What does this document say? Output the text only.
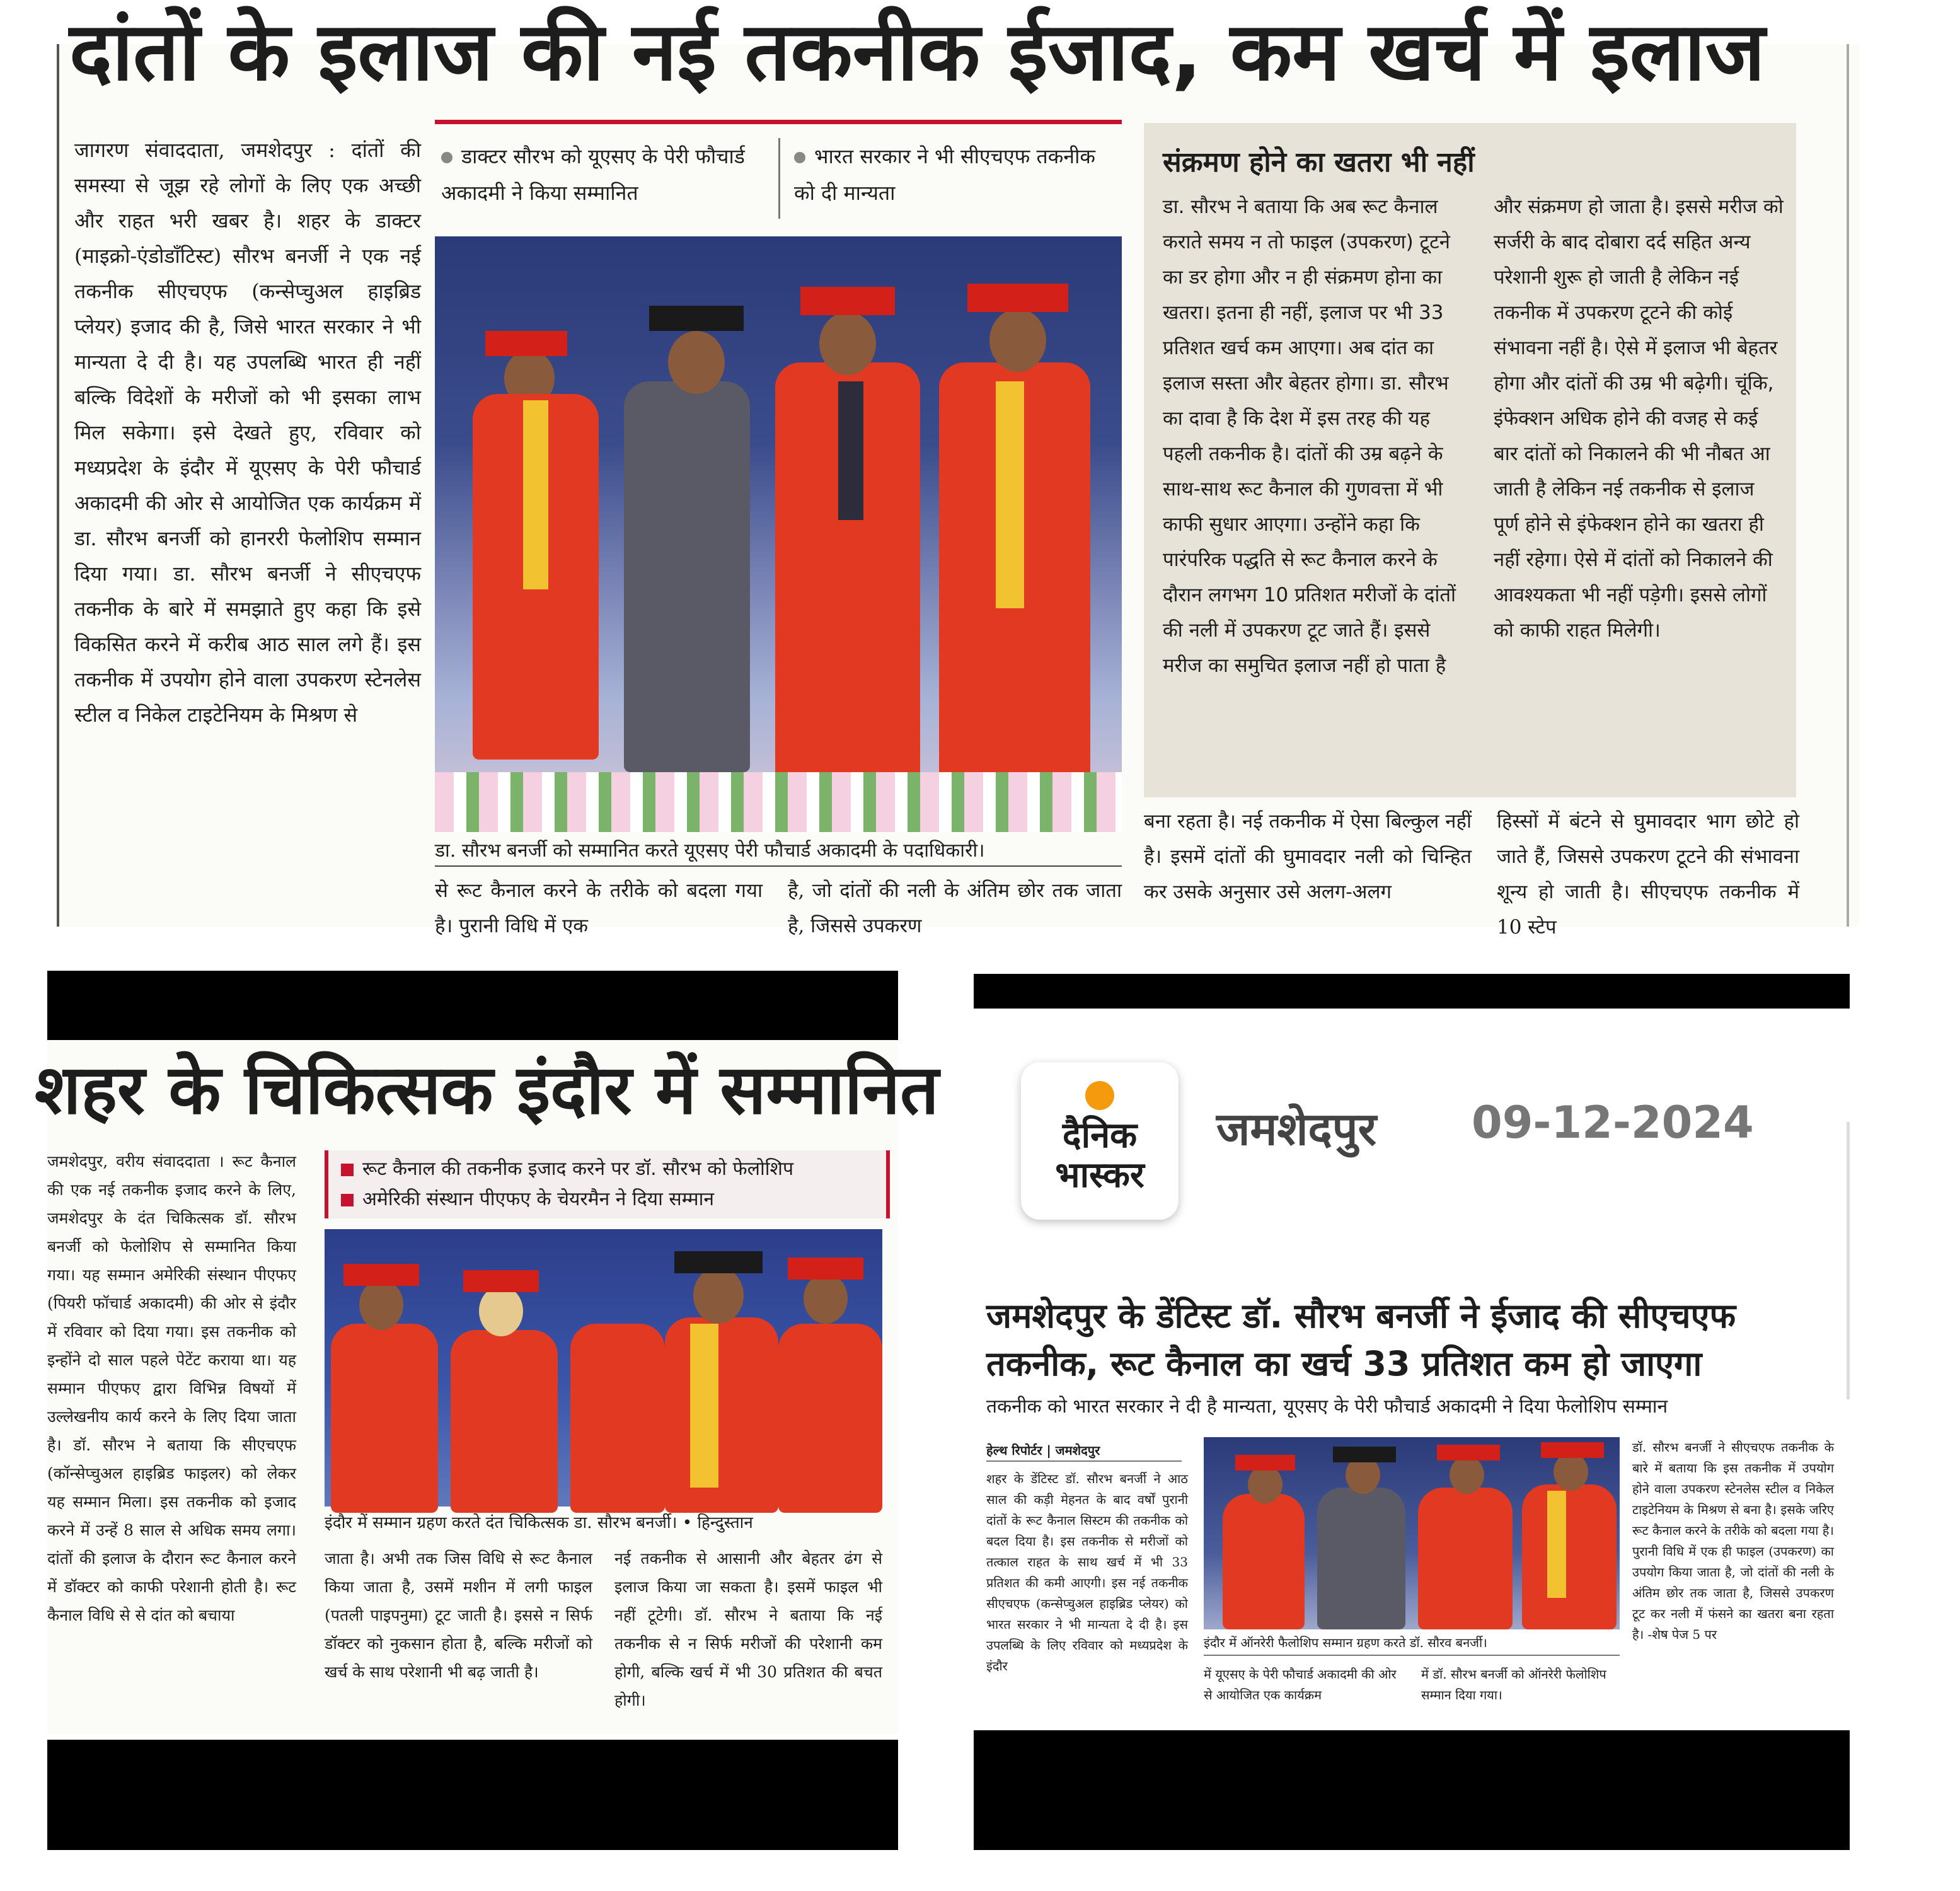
दांतों के इलाज की नई तकनीक ईजाद, कम खर्च में इलाज
जागरण संवाददाता, जमशेदपुर : दांतों की समस्या से जूझ रहे लोगों के लिए एक अच्छी और राहत भरी खबर है। शहर के डाक्टर (माइक्रो-एंडोडॉंटिस्ट) सौरभ बनर्जी ने एक नई तकनीक सीएचएफ (कन्सेप्चुअल हाइब्रिड प्लेयर) इजाद की है, जिसे भारत सरकार ने भी मान्यता दे दी है। यह उपलब्धि भारत ही नहीं बल्कि विदेशों के मरीजों को भी इसका लाभ मिल सकेगा। इसे देखते हुए, रविवार को मध्यप्रदेश के इंदौर में यूएसए के पेरी फौचार्ड अकादमी की ओर से आयोजित एक कार्यक्रम में डा. सौरभ बनर्जी को हानररी फेलोशिप सम्मान दिया गया। डा. सौरभ बनर्जी ने सीएचएफ तकनीक के बारे में समझाते हुए कहा कि इसे विकसित करने में करीब आठ साल लगे हैं। इस तकनीक में उपयोग होने वाला उपकरण स्टेनलेस स्टील व निकेल टाइटेनियम के मिश्रण से
डाक्टर सौरभ को यूएसए के पेरी फौचार्ड अकादमी ने किया सम्मानित
भारत सरकार ने भी सीएचएफ तकनीक को दी मान्यता
डा. सौरभ बनर्जी को सम्मानित करते यूएसए पेरी फौचार्ड अकादमी के पदाधिकारी।
से रूट कैनाल करने के तरीके को बदला गया है। पुरानी विधि में एक
है, जो दांतों की नली के अंतिम छोर तक जाता है, जिससे उपकरण
संक्रमण होने का खतरा भी नहीं
डा. सौरभ ने बताया कि अब रूट कैनाल कराते समय न तो फाइल (उपकरण) टूटने का डर होगा और न ही संक्रमण होना का खतरा। इतना ही नहीं, इलाज पर भी 33 प्रतिशत खर्च कम आएगा। अब दांत का इलाज सस्ता और बेहतर होगा। डा. सौरभ का दावा है कि देश में इस तरह की यह पहली तकनीक है। दांतों की उम्र बढ़ने के साथ-साथ रूट कैनाल की गुणवत्ता में भी काफी सुधार आएगा। उन्होंने कहा कि पारंपरिक पद्धति से रूट कैनाल करने के दौरान लगभग 10 प्रतिशत मरीजों के दांतों की नली में उपकरण टूट जाते हैं। इससे मरीज का समुचित इलाज नहीं हो पाता है
और संक्रमण हो जाता है। इससे मरीज को सर्जरी के बाद दोबारा दर्द सहित अन्य परेशानी शुरू हो जाती है लेकिन नई तकनीक में उपकरण टूटने की कोई संभावना नहीं है। ऐसे में इलाज भी बेहतर होगा और दांतों की उम्र भी बढ़ेगी। चूंकि, इंफेक्शन अधिक होने की वजह से कई बार दांतों को निकालने की भी नौबत आ जाती है लेकिन नई तकनीक से इलाज पूर्ण होने से इंफेक्शन होने का खतरा ही नहीं रहेगा। ऐसे में दांतों को निकालने की आवश्यकता भी नहीं पड़ेगी। इससे लोगों को काफी राहत मिलेगी।
बना रहता है। नई तकनीक में ऐसा बिल्कुल नहीं है। इसमें दांतों की घुमावदार नली को चिन्हित कर उसके अनुसार उसे अलग-अलग
हिस्सों में बंटने से घुमावदार भाग छोटे हो जाते हैं, जिससे उपकरण टूटने की संभावना शून्य हो जाती है। सीएचएफ तकनीक में 10 स्टेप
शहर के चिकित्सक इंदौर में सम्मानित
जमशेदपुर, वरीय संवाददाता । रूट कैनाल की एक नई तकनीक इजाद करने के लिए, जमशेदपुर के दंत चिकित्सक डॉ. सौरभ बनर्जी को फेलोशिप से सम्मानित किया गया। यह सम्मान अमेरिकी संस्थान पीएफए (पियरी फॉचार्ड अकादमी) की ओर से इंदौर में रविवार को दिया गया। इस तकनीक को इन्होंने दो साल पहले पेटेंट कराया था। यह सम्मान पीएफए द्वारा विभिन्न विषयों में उल्लेखनीय कार्य करने के लिए दिया जाता है। डॉ. सौरभ ने बताया कि सीएचएफ (कॉन्सेप्चुअल हाइब्रिड फाइलर) को लेकर यह सम्मान मिला। इस तकनीक को इजाद करने में उन्हें 8 साल से अधिक समय लगा। दांतों की इलाज के दौरान रूट कैनाल करने में डॉक्टर को काफी परेशानी होती है। रूट कैनाल विधि से से दांत को बचाया
रूट कैनाल की तकनीक इजाद करने पर डॉ. सौरभ को फेलोशिप
अमेरिकी संस्थान पीएफए के चेयरमैन ने दिया सम्मान
इंदौर में सम्मान ग्रहण करते दंत चिकित्सक डा. सौरभ बनर्जी। • हिन्दुस्तान
जाता है। अभी तक जिस विधि से रूट कैनाल किया जाता है, उसमें मशीन में लगी फाइल (पतली पाइपनुमा) टूट जाती है। इससे न सिर्फ डॉक्टर को नुकसान होता है, बल्कि मरीजों को खर्च के साथ परेशानी भी बढ़ जाती है।
नई तकनीक से आसानी और बेहतर ढंग से इलाज किया जा सकता है। इसमें फाइल भी नहीं टूटेगी। डॉ. सौरभ ने बताया कि नई तकनीक से न सिर्फ मरीजों की परेशानी कम होगी, बल्कि खर्च में भी 30 प्रतिशत की बचत होगी।
दैनिक
भास्कर
जमशेदपुर 09-12-2024
जमशेदपुर के डेंटिस्ट डॉ. सौरभ बनर्जी ने ईजाद की सीएचएफ तकनीक, रूट कैनाल का खर्च 33 प्रतिशत कम हो जाएगा
तकनीक को भारत सरकार ने दी है मान्यता, यूएसए के पेरी फौचार्ड अकादमी ने दिया फेलोशिप सम्मान
हेल्थ रिपोर्टर | जमशेदपुर
शहर के डेंटिस्ट डॉ. सौरभ बनर्जी ने आठ साल की कड़ी मेहनत के बाद वर्षों पुरानी दांतों के रूट कैनाल सिस्टम की तकनीक को बदल दिया है। इस तकनीक से मरीजों को तत्काल राहत के साथ खर्च में भी 33 प्रतिशत की कमी आएगी। इस नई तकनीक सीएचएफ (कन्सेप्चुअल हाइब्रिड प्लेयर) को भारत सरकार ने भी मान्यता दे दी है। इस उपलब्धि के लिए रविवार को मध्यप्रदेश के इंदौर
इंदौर में ऑनरेरी फैलोशिप सम्मान ग्रहण करते डॉ. सौरव बनर्जी।
में यूएसए के पेरी फौचार्ड अकादमी की ओर से आयोजित एक कार्यक्रम
में डॉ. सौरभ बनर्जी को ऑनरेरी फेलोशिप सम्मान दिया गया।
डॉ. सौरभ बनर्जी ने सीएचएफ तकनीक के बारे में बताया कि इस तकनीक में उपयोग होने वाला उपकरण स्टेनलेस स्टील व निकेल टाइटेनियम के मिश्रण से बना है। इसके जरिए रूट कैनाल करने के तरीके को बदला गया है। पुरानी विधि में एक ही फाइल (उपकरण) का उपयोग किया जाता है, जो दांतों की नली के अंतिम छोर तक जाता है, जिससे उपकरण टूट कर नली में फंसने का खतरा बना रहता है। -शेष पेज 5 पर
